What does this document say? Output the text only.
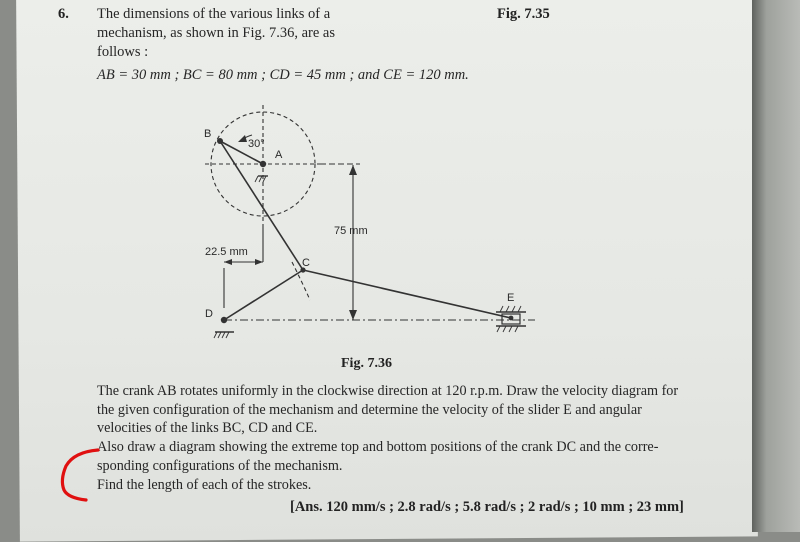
6. The dimensions of the various links of a
mechanism, as shown in Fig. 7.36, are as
follows :
Fig. 7.35
AB = 30 mm ; BC = 80 mm ; CD = 45 mm ; and CE = 120 mm.
B
A
30°
C
D
E
75 mm
22.5 mm
Fig. 7.36
The crank AB rotates uniformly in the clockwise direction at 120 r.p.m. Draw the velocity diagram for
the given configuration of the mechanism and determine the velocity of the slider E and angular
velocities of the links BC, CD and CE.
Also draw a diagram showing the extreme top and bottom positions of the crank DC and the corre-
sponding configurations of the mechanism.
Find the length of each of the strokes.
[Ans. 120 mm/s ; 2.8 rad/s ; 5.8 rad/s ; 2 rad/s ; 10 mm ; 23 mm]
